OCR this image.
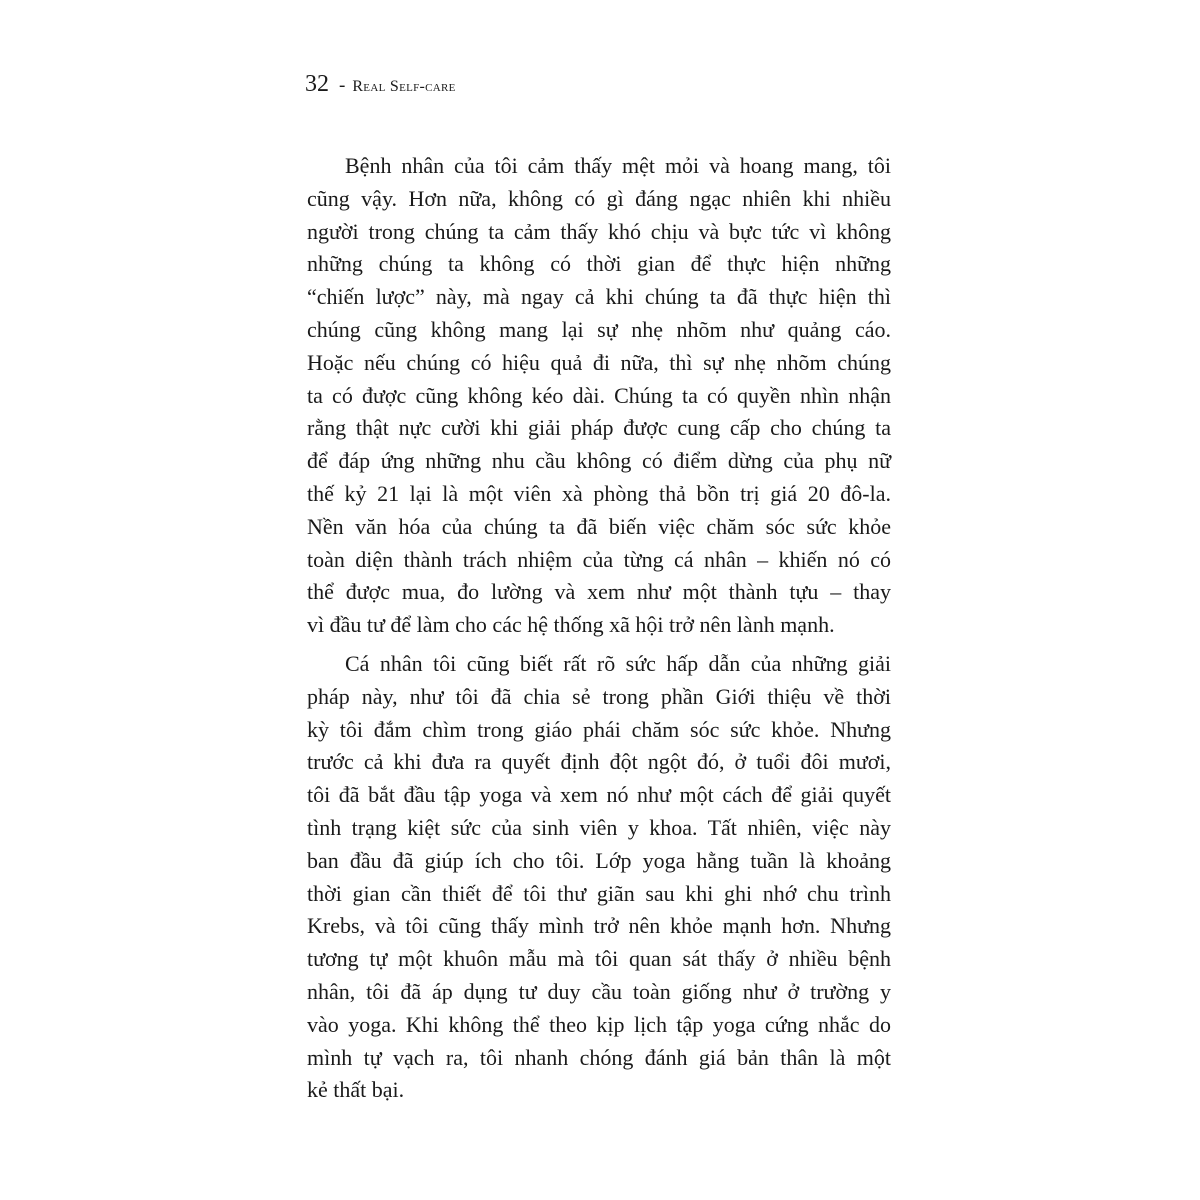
32 - Real Self-care

Bệnh nhân của tôi cảm thấy mệt mỏi và hoang mang, tôi
cũng vậy. Hơn nữa, không có gì đáng ngạc nhiên khi nhiều
người trong chúng ta cảm thấy khó chịu và bực tức vì không
những chúng ta không có thời gian để thực hiện những
“chiến lược” này, mà ngay cả khi chúng ta đã thực hiện thì
chúng cũng không mang lại sự nhẹ nhõm như quảng cáo.
Hoặc nếu chúng có hiệu quả đi nữa, thì sự nhẹ nhõm chúng
ta có được cũng không kéo dài. Chúng ta có quyền nhìn nhận
rằng thật nực cười khi giải pháp được cung cấp cho chúng ta
để đáp ứng những nhu cầu không có điểm dừng của phụ nữ
thế kỷ 21 lại là một viên xà phòng thả bồn trị giá 20 đô-la.
Nền văn hóa của chúng ta đã biến việc chăm sóc sức khỏe
toàn diện thành trách nhiệm của từng cá nhân – khiến nó có
thể được mua, đo lường và xem như một thành tựu – thay
vì đầu tư để làm cho các hệ thống xã hội trở nên lành mạnh.

Cá nhân tôi cũng biết rất rõ sức hấp dẫn của những giải
pháp này, như tôi đã chia sẻ trong phần Giới thiệu về thời
kỳ tôi đắm chìm trong giáo phái chăm sóc sức khỏe. Nhưng
trước cả khi đưa ra quyết định đột ngột đó, ở tuổi đôi mươi,
tôi đã bắt đầu tập yoga và xem nó như một cách để giải quyết
tình trạng kiệt sức của sinh viên y khoa. Tất nhiên, việc này
ban đầu đã giúp ích cho tôi. Lớp yoga hằng tuần là khoảng
thời gian cần thiết để tôi thư giãn sau khi ghi nhớ chu trình
Krebs, và tôi cũng thấy mình trở nên khỏe mạnh hơn. Nhưng
tương tự một khuôn mẫu mà tôi quan sát thấy ở nhiều bệnh
nhân, tôi đã áp dụng tư duy cầu toàn giống như ở trường y
vào yoga. Khi không thể theo kịp lịch tập yoga cứng nhắc do
mình tự vạch ra, tôi nhanh chóng đánh giá bản thân là một
kẻ thất bại.
